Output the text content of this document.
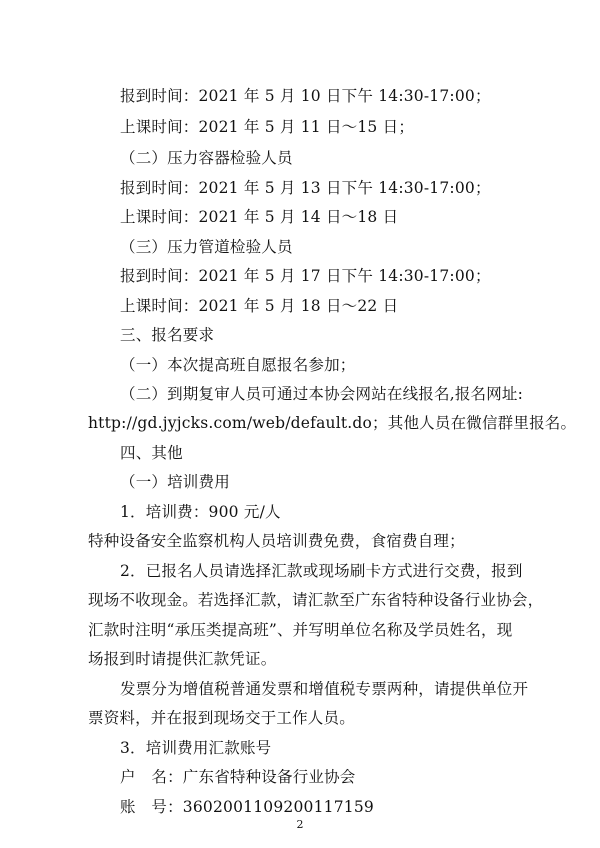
报到时间：2021 年 5 月 10 日下午 14:30-17:00；
上课时间：2021 年 5 月 11 日～15 日；
（二）压力容器检验人员
报到时间：2021 年 5 月 13 日下午 14:30-17:00；
上课时间：2021 年 5 月 14 日～18 日
（三）压力管道检验人员
报到时间：2021 年 5 月 17 日下午 14:30-17:00；
上课时间：2021 年 5 月 18 日～22 日
三、报名要求
（一）本次提高班自愿报名参加；
（二）到期复审人员可通过本协会网站在线报名,报名网址:
http://gd.jyjcks.com/web/default.do；其他人员在微信群里报名。
四、其他
（一）培训费用
1．培训费：900 元/人
特种设备安全监察机构人员培训费免费，食宿费自理；
2．已报名人员请选择汇款或现场刷卡方式进行交费，报到
现场不收现金。若选择汇款，请汇款至广东省特种设备行业协会，
汇款时注明“承压类提高班”、并写明单位名称及学员姓名，现
场报到时请提供汇款凭证。
发票分为增值税普通发票和增值税专票两种，请提供单位开
票资料，并在报到现场交于工作人员。
3．培训费用汇款账号
户　名：广东省特种设备行业协会
账　号：3602001109200117159
2
